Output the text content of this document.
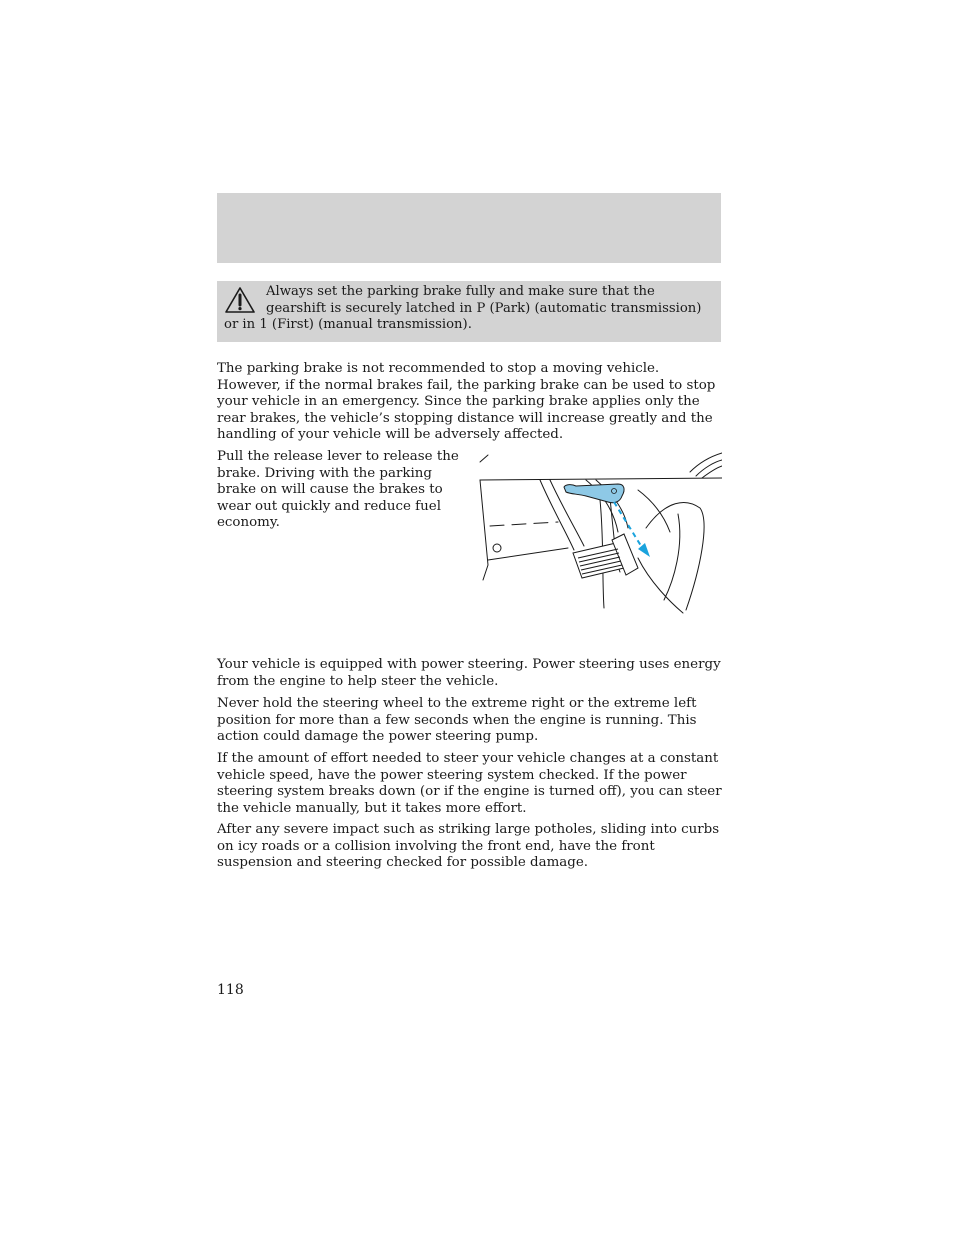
Always set the parking brake fully and make sure that the gearshift is securely latched in P (Park) (automatic transmission) or in 1 (First) (manual transmission).

The parking brake is not recommended to stop a moving vehicle. However, if the normal brakes fail, the parking brake can be used to stop your vehicle in an emergency. Since the parking brake applies only the rear brakes, the vehicle’s stopping distance will increase greatly and the handling of your vehicle will be adversely affected.

Pull the release lever to release the brake. Driving with the parking brake on will cause the brakes to wear out quickly and reduce fuel economy.

Your vehicle is equipped with power steering. Power steering uses energy from the engine to help steer the vehicle.

Never hold the steering wheel to the extreme right or the extreme left position for more than a few seconds when the engine is running. This action could damage the power steering pump.

If the amount of effort needed to steer your vehicle changes at a constant vehicle speed, have the power steering system checked. If the power steering system breaks down (or if the engine is turned off), you can steer the vehicle manually, but it takes more effort.

After any severe impact such as striking large potholes, sliding into curbs on icy roads or a collision involving the front end, have the front suspension and steering checked for possible damage.

118
